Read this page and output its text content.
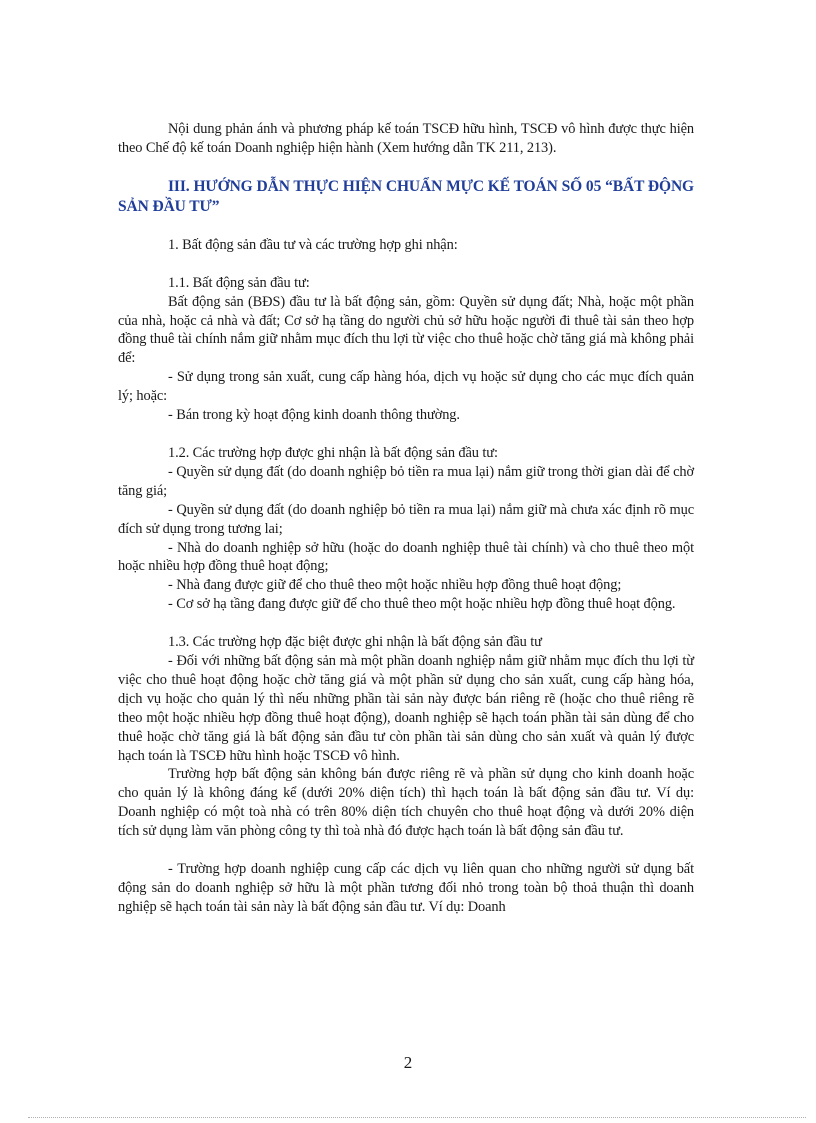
Nội dung phản ánh và phương pháp kế toán TSCĐ hữu hình, TSCĐ vô hình được thực hiện theo Chế độ kế toán Doanh nghiệp hiện hành (Xem hướng dẫn TK 211, 213).

III. HƯỚNG DẪN THỰC HIỆN CHUẨN MỰC KẾ TOÁN SỐ 05 “BẤT ĐỘNG SẢN ĐẦU TƯ”

1. Bất động sản đầu tư và các trường hợp ghi nhận:

1.1. Bất động sản đầu tư:

Bất động sản (BĐS) đầu tư là bất động sản, gồm: Quyền sử dụng đất; Nhà, hoặc một phần của nhà, hoặc cả nhà và đất; Cơ sở hạ tầng do người chủ sở hữu hoặc người đi thuê tài sản theo hợp đồng thuê tài chính nắm giữ nhằm mục đích thu lợi từ việc cho thuê hoặc chờ tăng giá mà không phải để:

- Sử dụng trong sản xuất, cung cấp hàng hóa, dịch vụ hoặc sử dụng cho các mục đích quản lý; hoặc:

- Bán trong kỳ hoạt động kinh doanh thông thường.

1.2. Các trường hợp được ghi nhận là bất động sản đầu tư:

- Quyền sử dụng đất (do doanh nghiệp bỏ tiền ra mua lại) nắm giữ trong thời gian dài để chờ tăng giá;

- Quyền sử dụng đất (do doanh nghiệp bỏ tiền ra mua lại) nắm giữ mà chưa xác định rõ mục đích sử dụng trong tương lai;

- Nhà do doanh nghiệp sở hữu (hoặc do doanh nghiệp thuê tài chính) và cho thuê theo một hoặc nhiều hợp đồng thuê hoạt động;

- Nhà đang được giữ để cho thuê theo một hoặc nhiều hợp đồng thuê hoạt động;

- Cơ sở hạ tầng đang được giữ để cho thuê theo một hoặc nhiều hợp đồng thuê hoạt động.

1.3. Các trường hợp đặc biệt được ghi nhận là bất động sản đầu tư

- Đối với những bất động sản mà một phần doanh nghiệp nắm giữ nhằm mục đích thu lợi từ việc cho thuê hoạt động hoặc chờ tăng giá và một phần sử dụng cho sản xuất, cung cấp hàng hóa, dịch vụ hoặc cho quản lý thì nếu những phần tài sản này được bán riêng rẽ (hoặc cho thuê riêng rẽ theo một hoặc nhiều hợp đồng thuê hoạt động), doanh nghiệp sẽ hạch toán phần tài sản dùng để cho thuê hoặc chờ tăng giá là bất động sản đầu tư còn phần tài sản dùng cho sản xuất và quản lý được hạch toán là TSCĐ hữu hình hoặc TSCĐ vô hình.

Trường hợp bất động sản không bán được riêng rẽ và phần sử dụng cho kinh doanh hoặc cho quản lý là không đáng kể (dưới 20% diện tích) thì hạch toán là bất động sản đầu tư. Ví dụ: Doanh nghiệp có một toà nhà có trên 80% diện tích chuyên cho thuê hoạt động và dưới 20% diện tích sử dụng làm văn phòng công ty thì toà nhà đó được hạch toán là bất động sản đầu tư.

- Trường hợp doanh nghiệp cung cấp các dịch vụ liên quan cho những người sử dụng bất động sản do doanh nghiệp sở hữu là một phần tương đối nhỏ trong toàn bộ thoả thuận thì doanh nghiệp sẽ hạch toán tài sản này là bất động sản đầu tư. Ví dụ: Doanh

2
